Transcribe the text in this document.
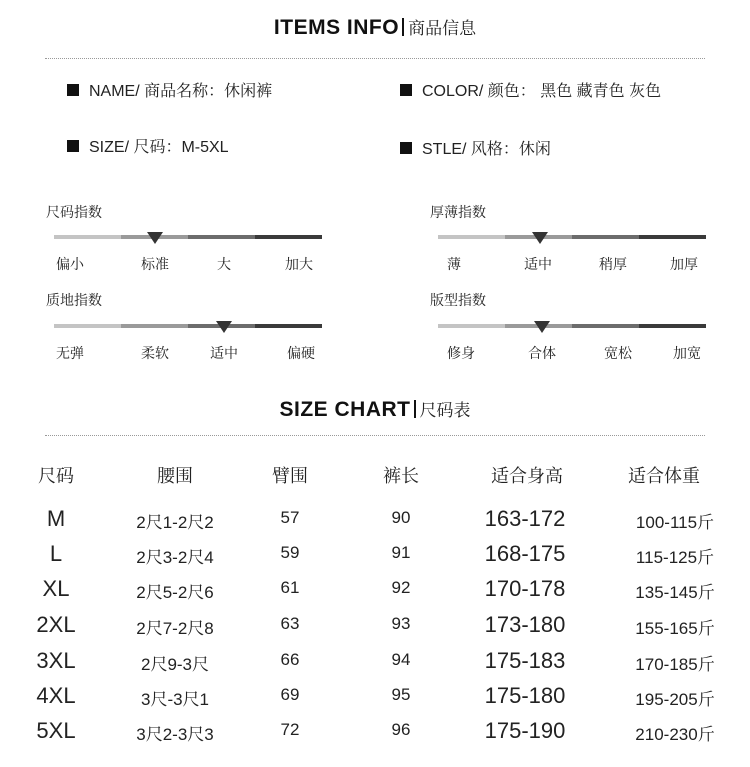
ITEMS INFO 商品信息
NAME/ 商品名称：休闲裤	COLOR/ 颜色： 黑色 藏青色 灰色
SIZE/ 尺码：M-5XL	STLE/ 风格：休闲
尺码指数
偏小	标准	大	加大
厚薄指数
薄	适中	稍厚	加厚
质地指数
无弹	柔软	适中	偏硬
版型指数
修身	合体	宽松	加宽
SIZE CHART 尺码表
尺码	腰围	臂围	裤长	适合身高	适合体重
M	2尺1-2尺2	57	90	163-172	100-115斤
L	2尺3-2尺4	59	91	168-175	115-125斤
XL	2尺5-2尺6	61	92	170-178	135-145斤
2XL	2尺7-2尺8	63	93	173-180	155-165斤
3XL	2尺9-3尺	66	94	175-183	170-185斤
4XL	3尺-3尺1	69	95	175-180	195-205斤
5XL	3尺2-3尺3	72	96	175-190	210-230斤
